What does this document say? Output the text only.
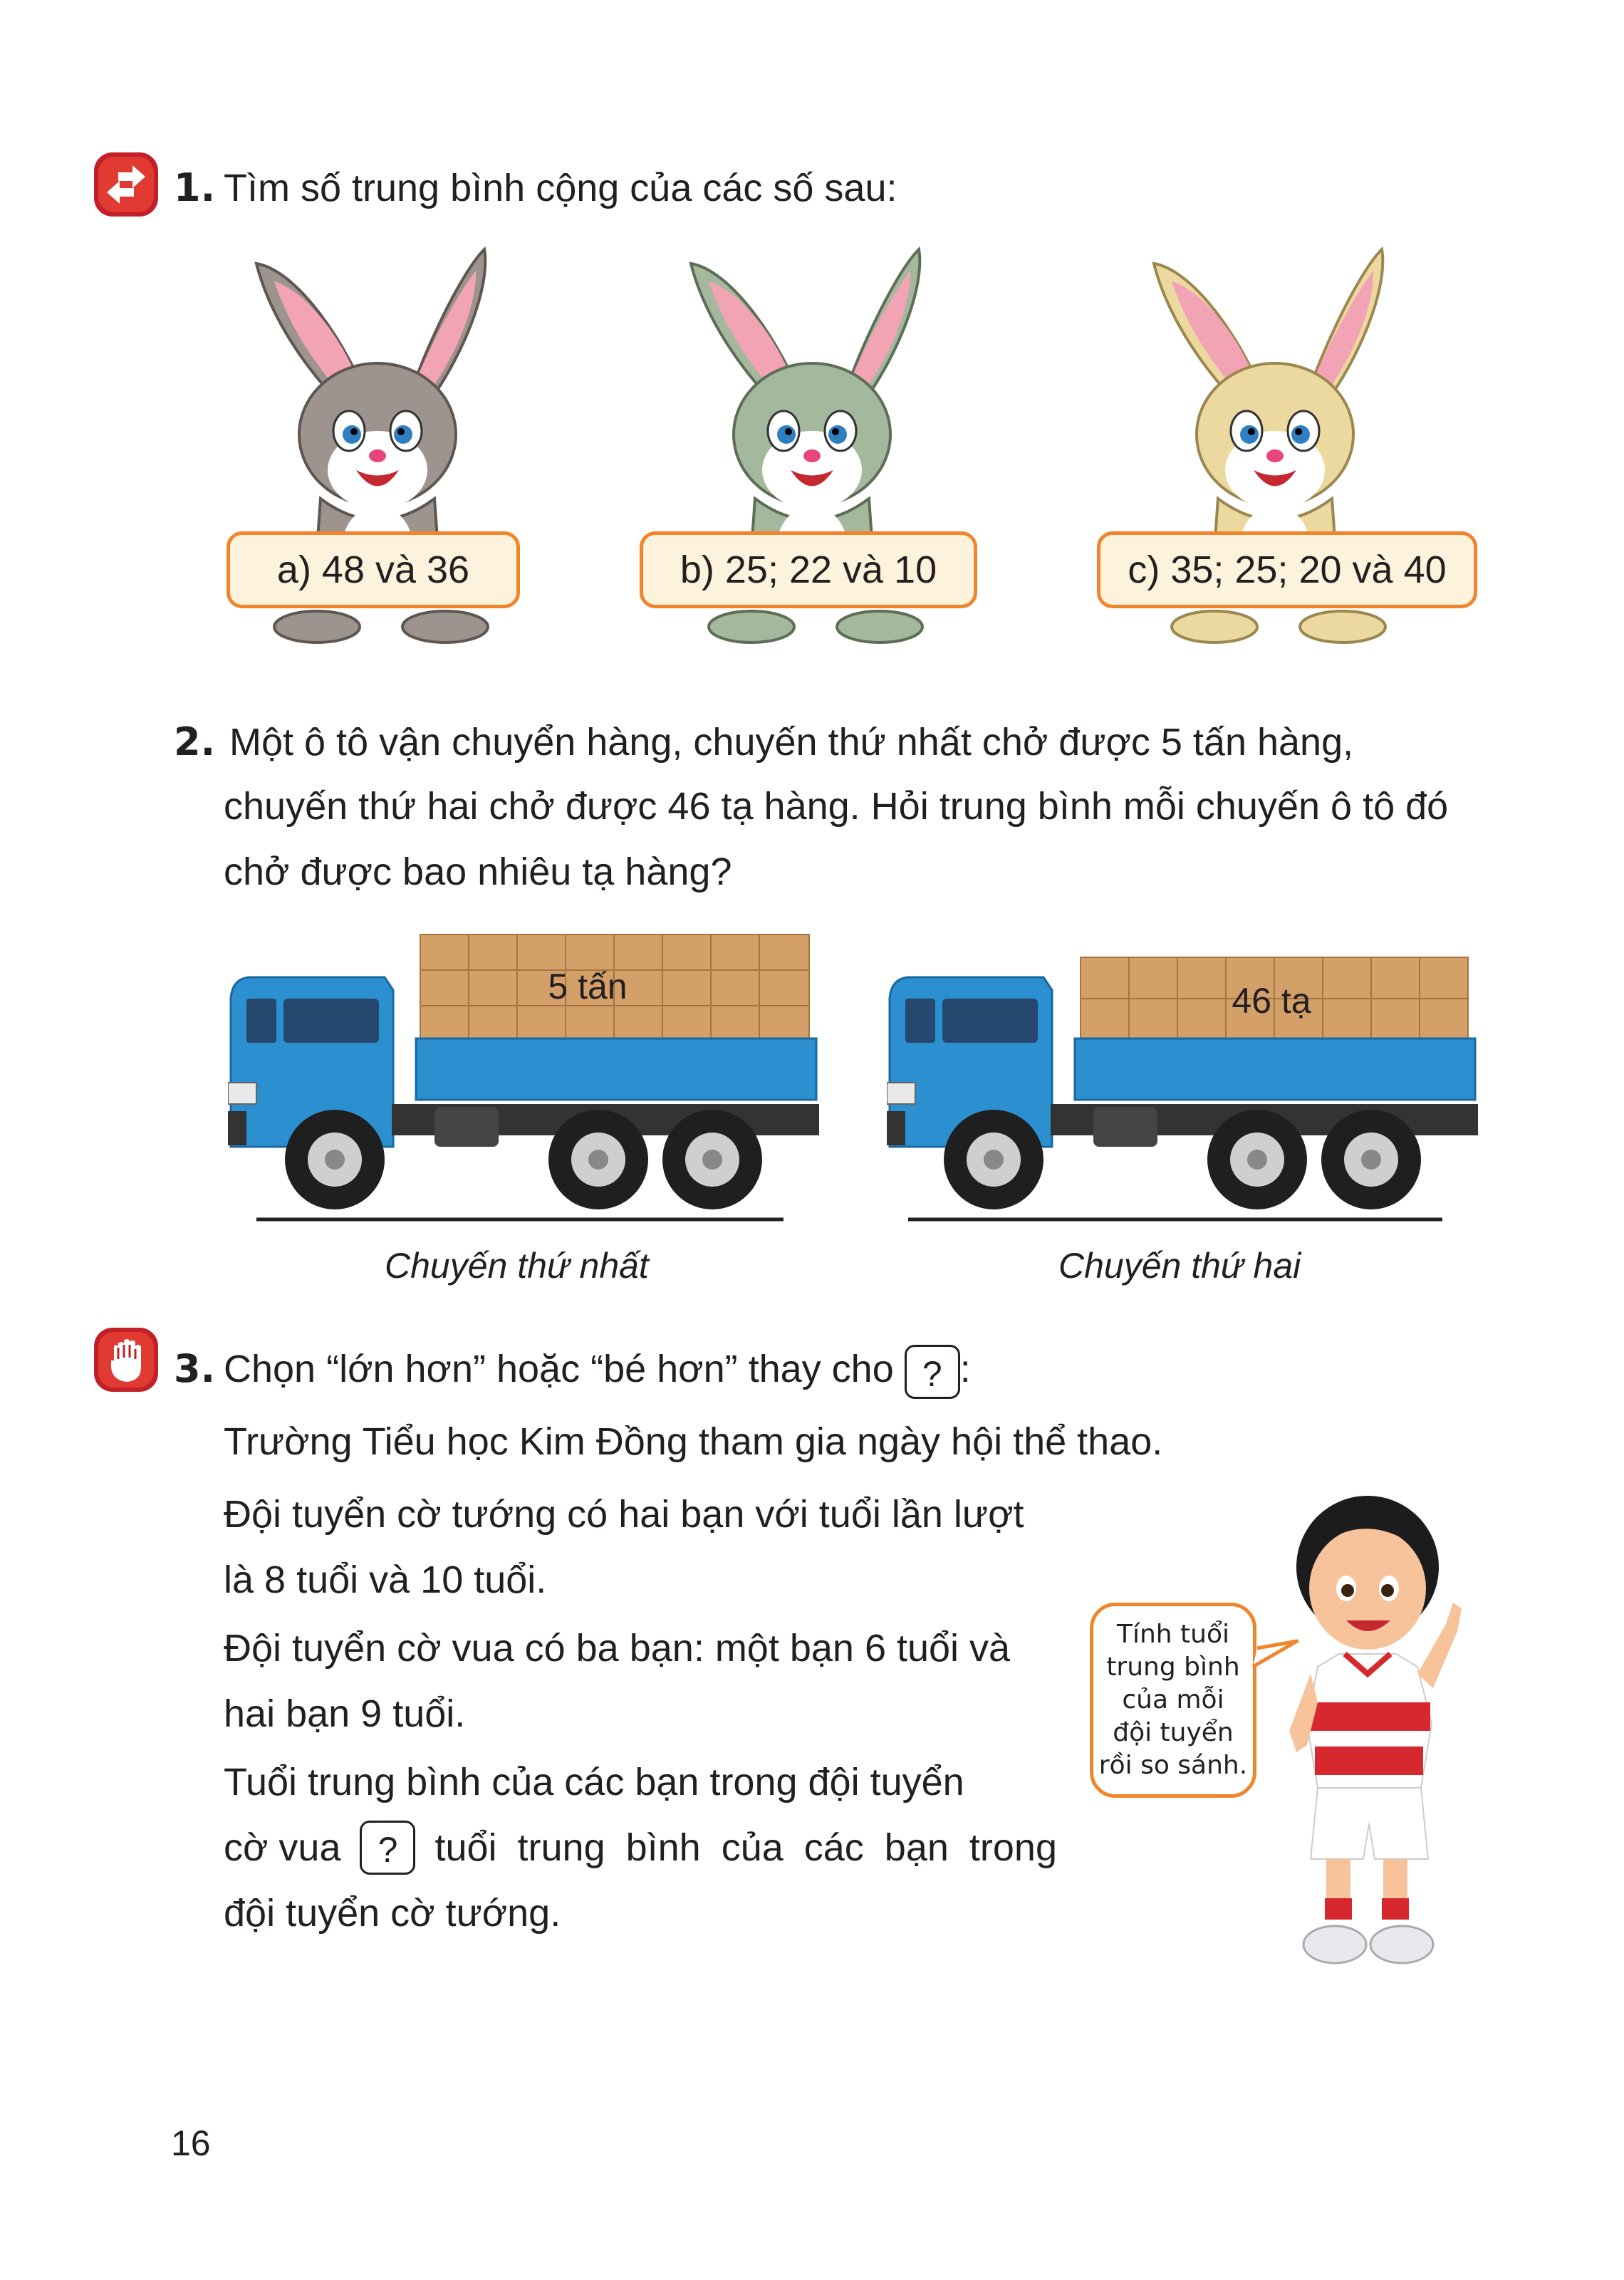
1. Tìm số trung bình cộng của các số sau:
a) 48 và 36	b) 25; 22 và 10	c) 35; 25; 20 và 40
2. Một ô tô vận chuyển hàng, chuyến thứ nhất chở được 5 tấn hàng,
chuyến thứ hai chở được 46 tạ hàng. Hỏi trung bình mỗi chuyến ô tô đó
chở được bao nhiêu tạ hàng?
5 tấn
Chuyến thứ nhất
46 tạ
Chuyến thứ hai
3. Chọn “lớn hơn” hoặc “bé hơn” thay cho ? :
Trường Tiểu học Kim Đồng tham gia ngày hội thể thao.
Đội tuyển cờ tướng có hai bạn với tuổi lần lượt
là 8 tuổi và 10 tuổi.
Đội tuyển cờ vua có ba bạn: một bạn 6 tuổi và
hai bạn 9 tuổi.
Tuổi trung bình của các bạn trong đội tuyển
cờ vua	? tuổi trung bình của các bạn trong
đội tuyển cờ tướng.
Tính tuổi
trung bình
của mỗi
đội tuyển
rồi so sánh.
16
